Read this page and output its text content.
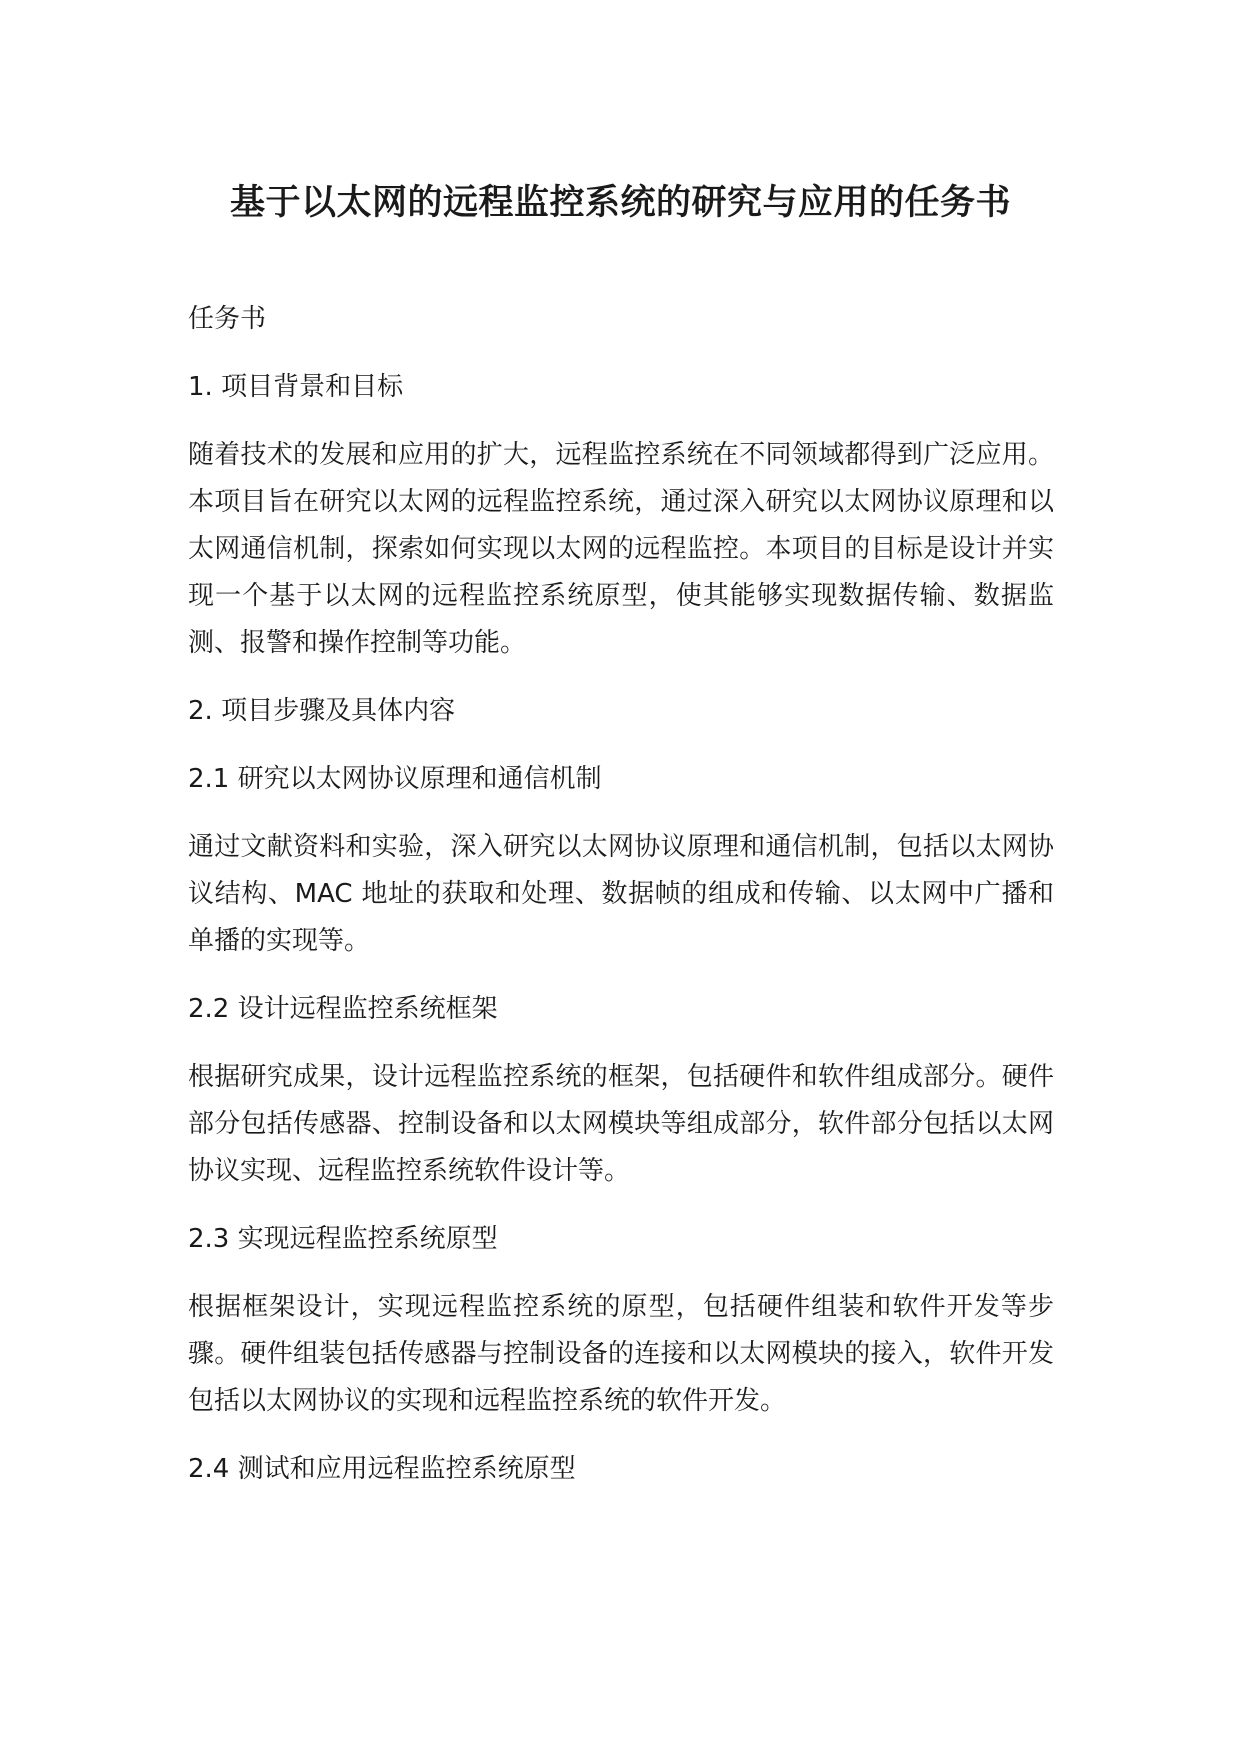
基于以太网的远程监控系统的研究与应用的任务书

任务书

1. 项目背景和目标

随着技术的发展和应用的扩大，远程监控系统在不同领域都得到广泛应用。本项目旨在研究以太网的远程监控系统，通过深入研究以太网协议原理和以太网通信机制，探索如何实现以太网的远程监控。本项目的目标是设计并实现一个基于以太网的远程监控系统原型，使其能够实现数据传输、数据监测、报警和操作控制等功能。

2. 项目步骤及具体内容

2.1 研究以太网协议原理和通信机制

通过文献资料和实验，深入研究以太网协议原理和通信机制，包括以太网协议结构、MAC 地址的获取和处理、数据帧的组成和传输、以太网中广播和单播的实现等。

2.2 设计远程监控系统框架

根据研究成果，设计远程监控系统的框架，包括硬件和软件组成部分。硬件部分包括传感器、控制设备和以太网模块等组成部分，软件部分包括以太网协议实现、远程监控系统软件设计等。

2.3 实现远程监控系统原型

根据框架设计，实现远程监控系统的原型，包括硬件组装和软件开发等步骤。硬件组装包括传感器与控制设备的连接和以太网模块的接入，软件开发包括以太网协议的实现和远程监控系统的软件开发。

2.4 测试和应用远程监控系统原型
